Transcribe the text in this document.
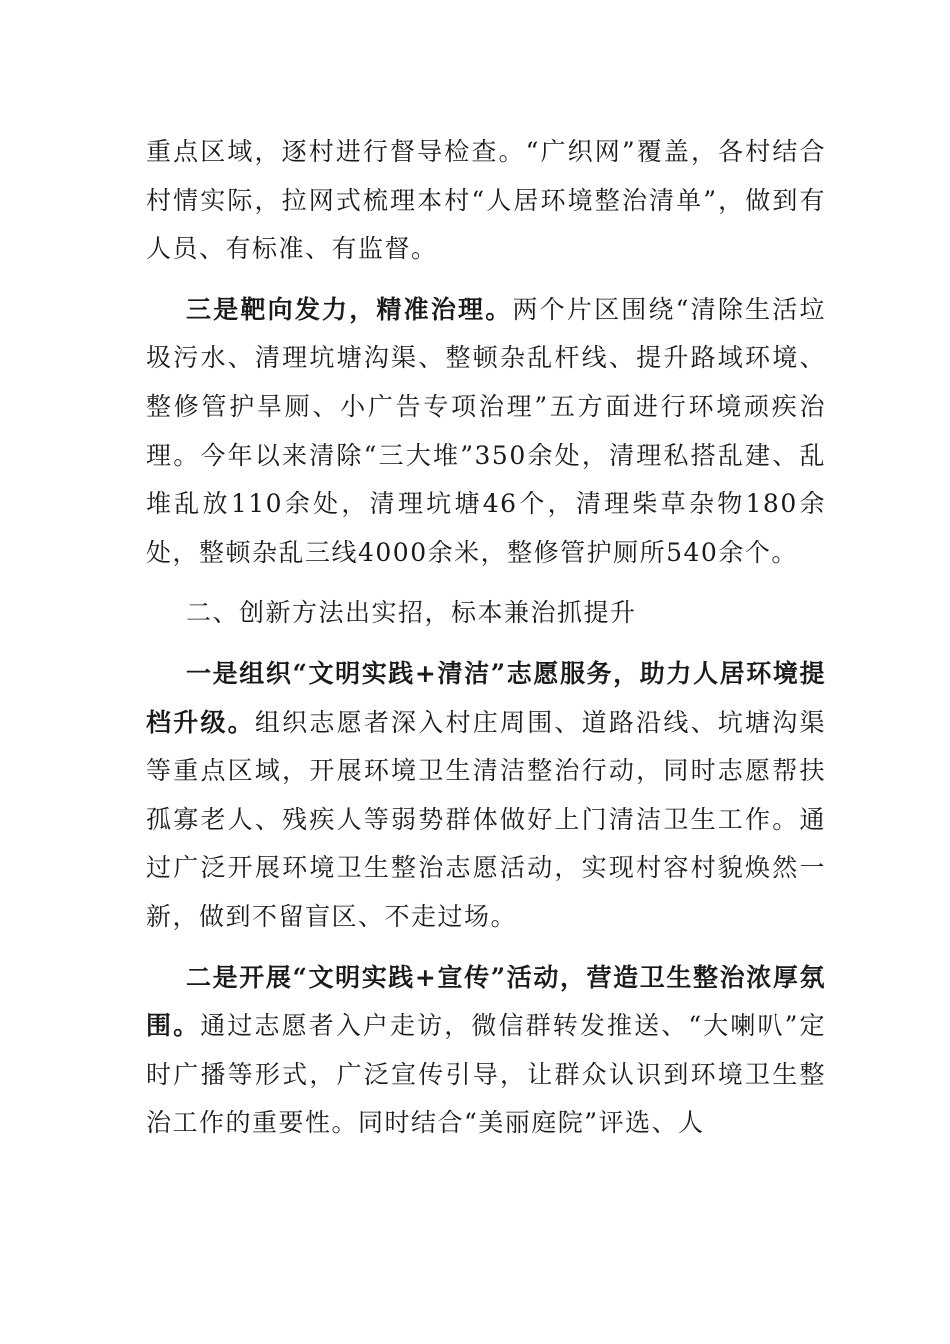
重点区域，逐村进行督导检查。“广织网”覆盖，各村结合村情实际，拉网式梳理本村“人居环境整治清单”，做到有人员、有标准、有监督。

三是靶向发力，精准治理。两个片区围绕“清除生活垃圾污水、清理坑塘沟渠、整顿杂乱杆线、提升路域环境、整修管护旱厕、小广告专项治理”五方面进行环境顽疾治理。今年以来清除“三大堆”350余处，清理私搭乱建、乱堆乱放110余处，清理坑塘46个，清理柴草杂物180余处，整顿杂乱三线4000余米，整修管护厕所540余个。

二、创新方法出实招，标本兼治抓提升

一是组织“文明实践+清洁”志愿服务，助力人居环境提档升级。组织志愿者深入村庄周围、道路沿线、坑塘沟渠等重点区域，开展环境卫生清洁整治行动，同时志愿帮扶孤寡老人、残疾人等弱势群体做好上门清洁卫生工作。通过广泛开展环境卫生整治志愿活动，实现村容村貌焕然一新，做到不留盲区、不走过场。

二是开展“文明实践+宣传”活动，营造卫生整治浓厚氛围。通过志愿者入户走访，微信群转发推送、“大喇叭”定时广播等形式，广泛宣传引导，让群众认识到环境卫生整治工作的重要性。同时结合“美丽庭院”评选、人
